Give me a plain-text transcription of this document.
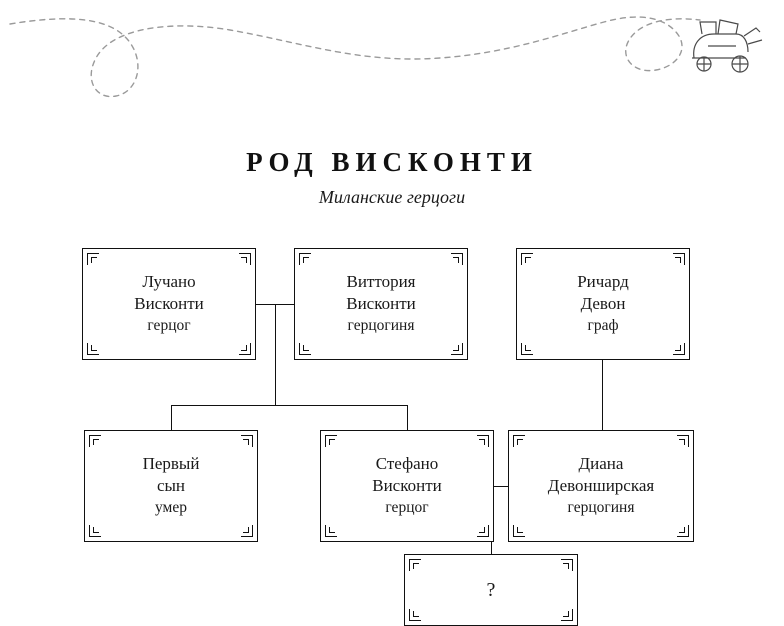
РОД ВИСКОНТИ

Миланские герцоги

Лучано
Висконти
герцог
Виттория
Висконти
герцогиня
Ричард
Девон
граф
Первый
сын
умер
Стефано
Висконти
герцог
Диана
Девонширская
герцогиня
?
